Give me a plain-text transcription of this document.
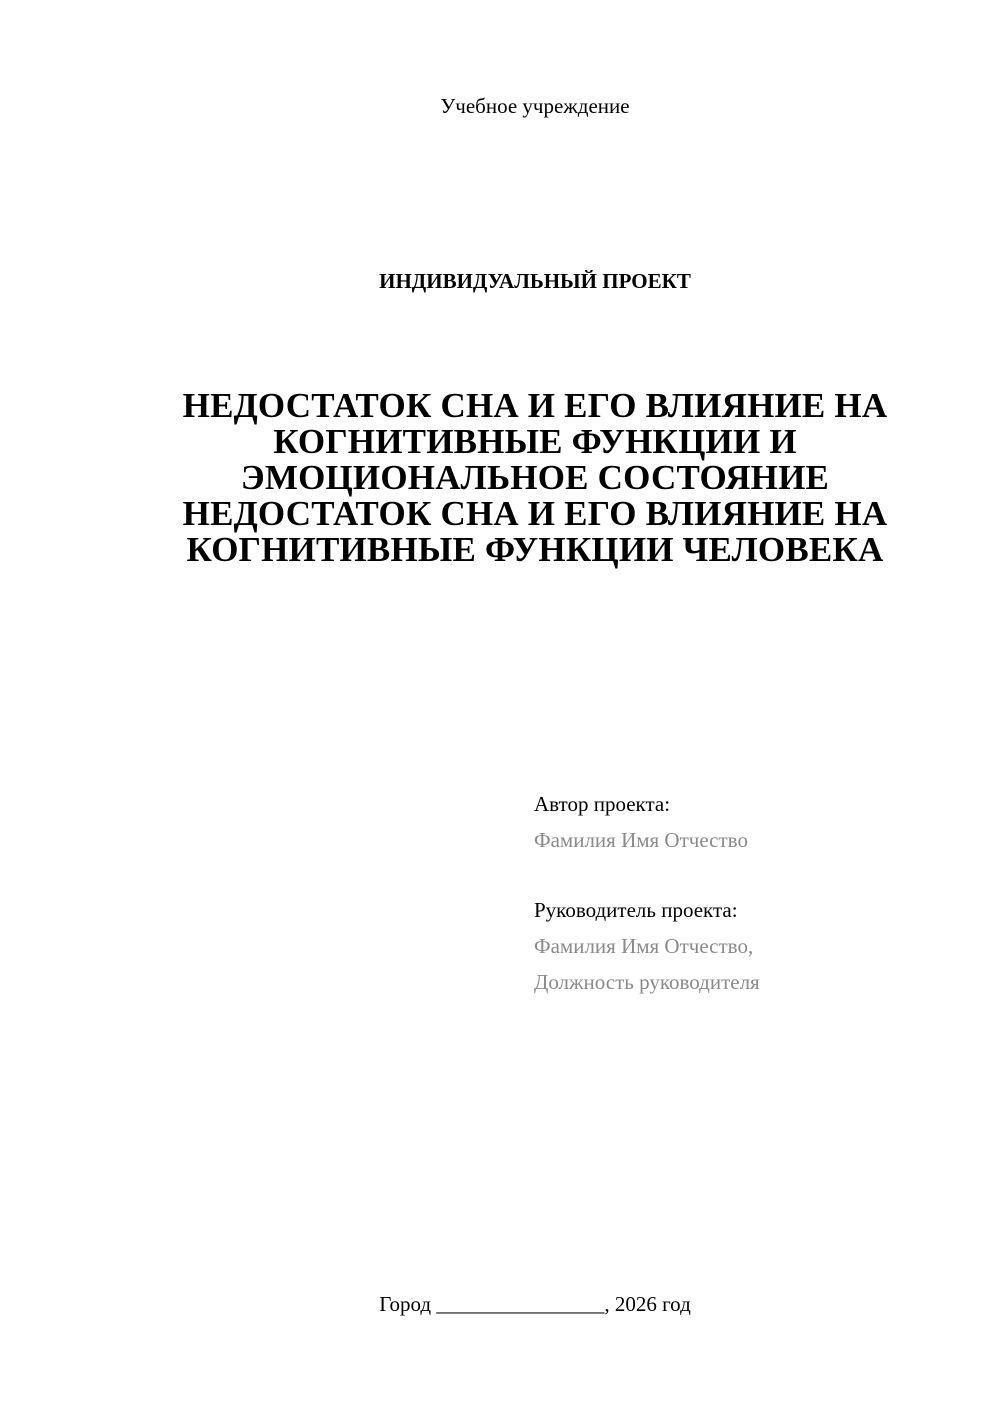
Учебное учреждение
ИНДИВИДУАЛЬНЫЙ ПРОЕКТ
НЕДОСТАТОК СНА И ЕГО ВЛИЯНИЕ НА
КОГНИТИВНЫЕ ФУНКЦИИ И
ЭМОЦИОНАЛЬНОЕ СОСТОЯНИЕ
НЕДОСТАТОК СНА И ЕГО ВЛИЯНИЕ НА
КОГНИТИВНЫЕ ФУНКЦИИ ЧЕЛОВЕКА
Автор проекта:
Фамилия Имя Отчество
Руководитель проекта:
Фамилия Имя Отчество,
Должность руководителя
Город ________________, 2026 год
